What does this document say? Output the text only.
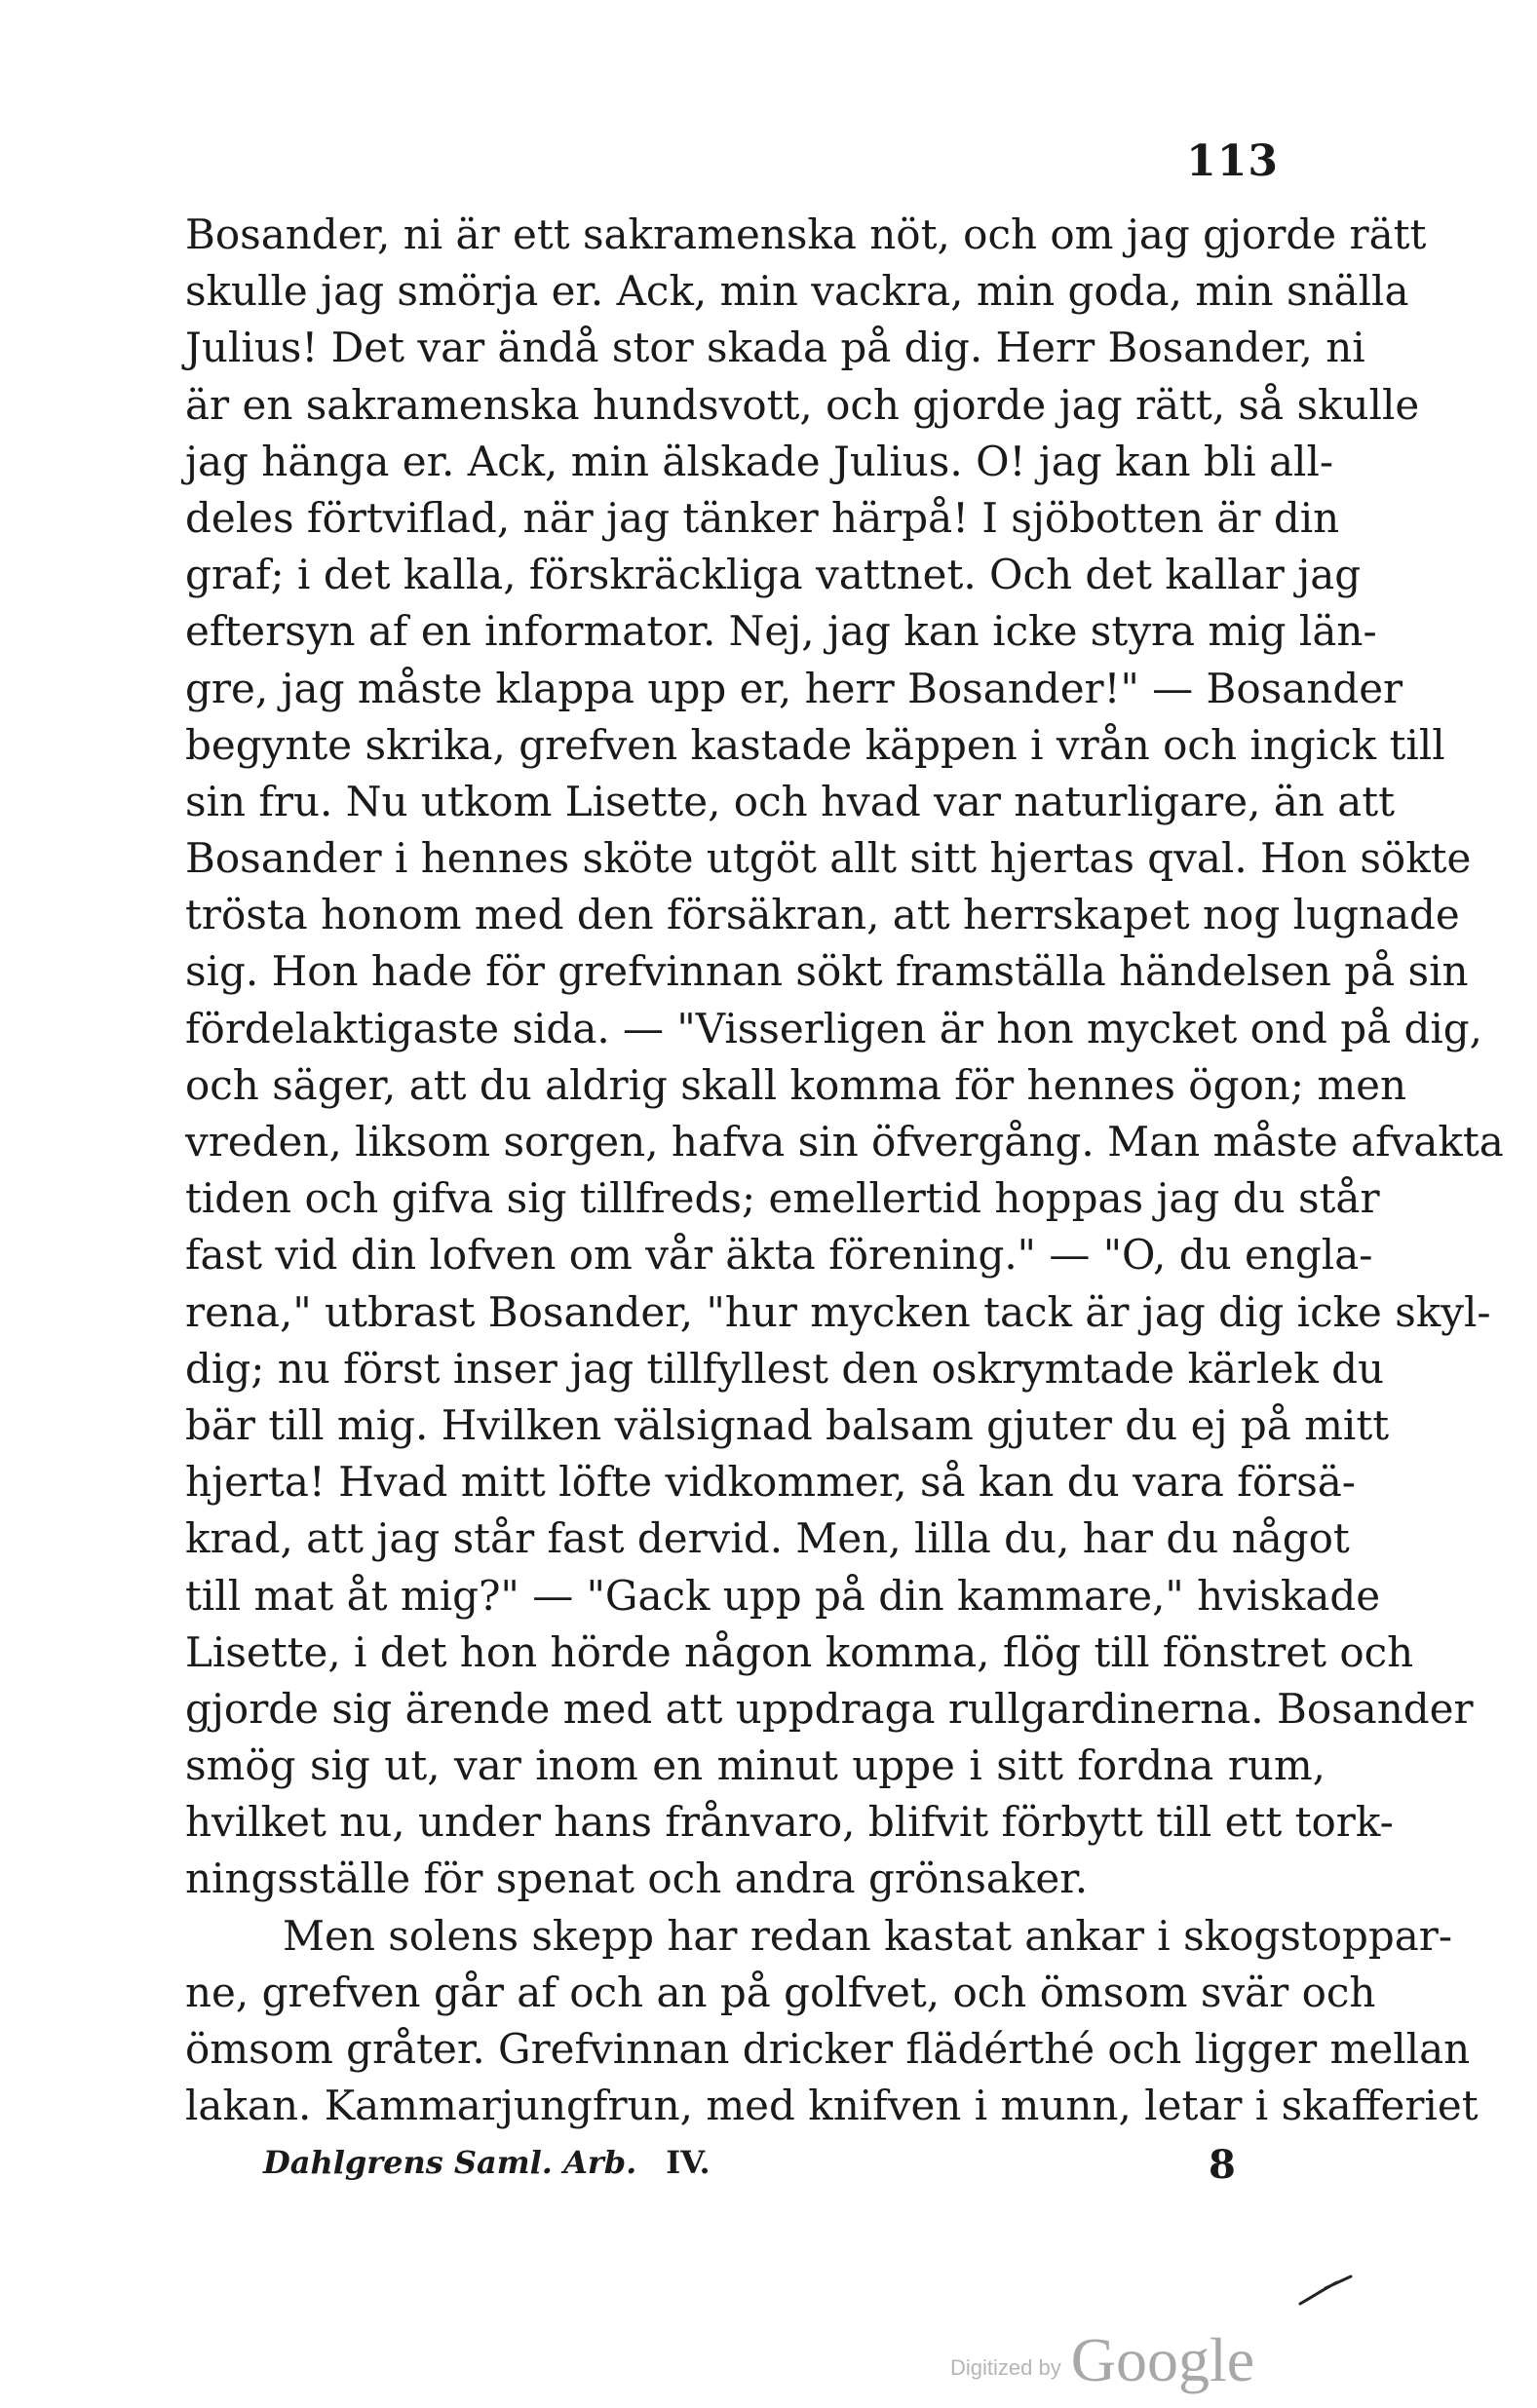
113
Bosander, ni är ett sakramenska nöt, och om jag gjorde rätt
skulle jag smörja er. Ack, min vackra, min goda, min snälla
Julius! Det var ändå stor skada på dig. Herr Bosander, ni
är en sakramenska hundsvott, och gjorde jag rätt, så skulle
jag hänga er. Ack, min älskade Julius. O! jag kan bli all-
deles förtviflad, när jag tänker härpå! I sjöbotten är din
graf; i det kalla, förskräckliga vattnet. Och det kallar jag
eftersyn af en informator. Nej, jag kan icke styra mig län-
gre, jag måste klappa upp er, herr Bosander!" — Bosander
begynte skrika, grefven kastade käppen i vrån och ingick till
sin fru. Nu utkom Lisette, och hvad var naturligare, än att
Bosander i hennes sköte utgöt allt sitt hjertas qval. Hon sökte
trösta honom med den försäkran, att herrskapet nog lugnade
sig. Hon hade för grefvinnan sökt framställa händelsen på sin
fördelaktigaste sida. — "Visserligen är hon mycket ond på dig,
och säger, att du aldrig skall komma för hennes ögon; men
vreden, liksom sorgen, hafva sin öfvergång. Man måste afvakta
tiden och gifva sig tillfreds; emellertid hoppas jag du står
fast vid din lofven om vår äkta förening." — "O, du engla-
rena," utbrast Bosander, "hur mycken tack är jag dig icke skyl-
dig; nu först inser jag tillfyllest den oskrymtade kärlek du
bär till mig. Hvilken välsignad balsam gjuter du ej på mitt
hjerta! Hvad mitt löfte vidkommer, så kan du vara försä-
krad, att jag står fast dervid. Men, lilla du, har du något
till mat åt mig?" — "Gack upp på din kammare," hviskade
Lisette, i det hon hörde någon komma, flög till fönstret och
gjorde sig ärende med att uppdraga rullgardinerna. Bosander
smög sig ut, var inom en minut uppe i sitt fordna rum,
hvilket nu, under hans frånvaro, blifvit förbytt till ett tork-
ningsställe för spenat och andra grönsaker.
Men solens skepp har redan kastat ankar i skogstoppar-
ne, grefven går af och an på golfvet, och ömsom svär och
ömsom gråter. Grefvinnan dricker flädérthé och ligger mellan
lakan. Kammarjungfrun, med knifven i munn, letar i skafferiet
Dahlgrens Saml. Arb. IV.	8
Digitized by Google
